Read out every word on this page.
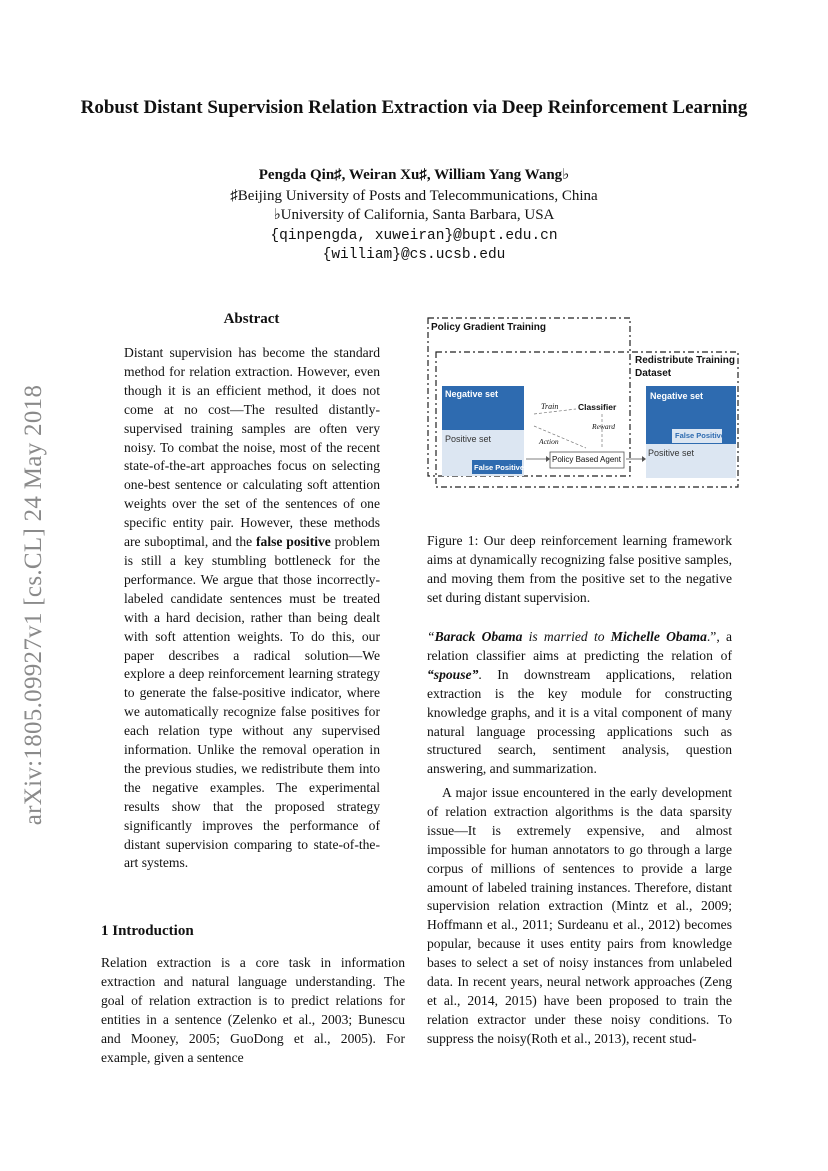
Robust Distant Supervision Relation Extraction via Deep Reinforcement Learning
Pengda Qin♯, Weiran Xu♯, William Yang Wang♭
♯Beijing University of Posts and Telecommunications, China
♭University of California, Santa Barbara, USA
{qinpengda, xuweiran}@bupt.edu.cn
{william}@cs.ucsb.edu
arXiv:1805.09927v1 [cs.CL] 24 May 2018
Abstract

Distant supervision has become the standard method for relation extraction. However, even though it is an efficient method, it does not come at no cost—The resulted distantly-supervised training samples are often very noisy. To combat the noise, most of the recent state-of-the-art approaches focus on selecting one-best sentence or calculating soft attention weights over the set of the sentences of one specific entity pair. However, these methods are suboptimal, and the false positive problem is still a key stumbling bottleneck for the performance. We argue that those incorrectly-labeled candidate sentences must be treated with a hard decision, rather than being dealt with soft attention weights. To do this, our paper describes a radical solution—We explore a deep reinforcement learning strategy to generate the false-positive indicator, where we automatically recognize false positives for each relation type without any supervised information. Unlike the removal operation in the previous studies, we redistribute them into the negative examples. The experimental results show that the proposed strategy significantly improves the performance of distant supervision comparing to state-of-the-art systems.

1 Introduction

Relation extraction is a core task in information extraction and natural language understanding. The goal of relation extraction is to predict relations for entities in a sentence (Zelenko et al., 2003; Bunescu and Mooney, 2005; GuoDong et al., 2005). For example, given a sentence

Policy Gradient Training
Redistribute Training Dataset
Negative set
Positive set
False Positive
Negative set
False Positive
Positive set
Train Classifier
Reward
Action
Policy Based Agent
Figure 1: Our deep reinforcement learning framework aims at dynamically recognizing false positive samples, and moving them from the positive set to the negative set during distant supervision.

“Barack Obama is married to Michelle Obama.”, a relation classifier aims at predicting the relation of “spouse”. In downstream applications, relation extraction is the key module for constructing knowledge graphs, and it is a vital component of many natural language processing applications such as structured search, sentiment analysis, question answering, and summarization.

A major issue encountered in the early development of relation extraction algorithms is the data sparsity issue—It is extremely expensive, and almost impossible for human annotators to go through a large corpus of millions of sentences to provide a large amount of labeled training instances. Therefore, distant supervision relation extraction (Mintz et al., 2009; Hoffmann et al., 2011; Surdeanu et al., 2012) becomes popular, because it uses entity pairs from knowledge bases to select a set of noisy instances from unlabeled data. In recent years, neural network approaches (Zeng et al., 2014, 2015) have been proposed to train the relation extractor under these noisy conditions. To suppress the noisy(Roth et al., 2013), recent stud-
